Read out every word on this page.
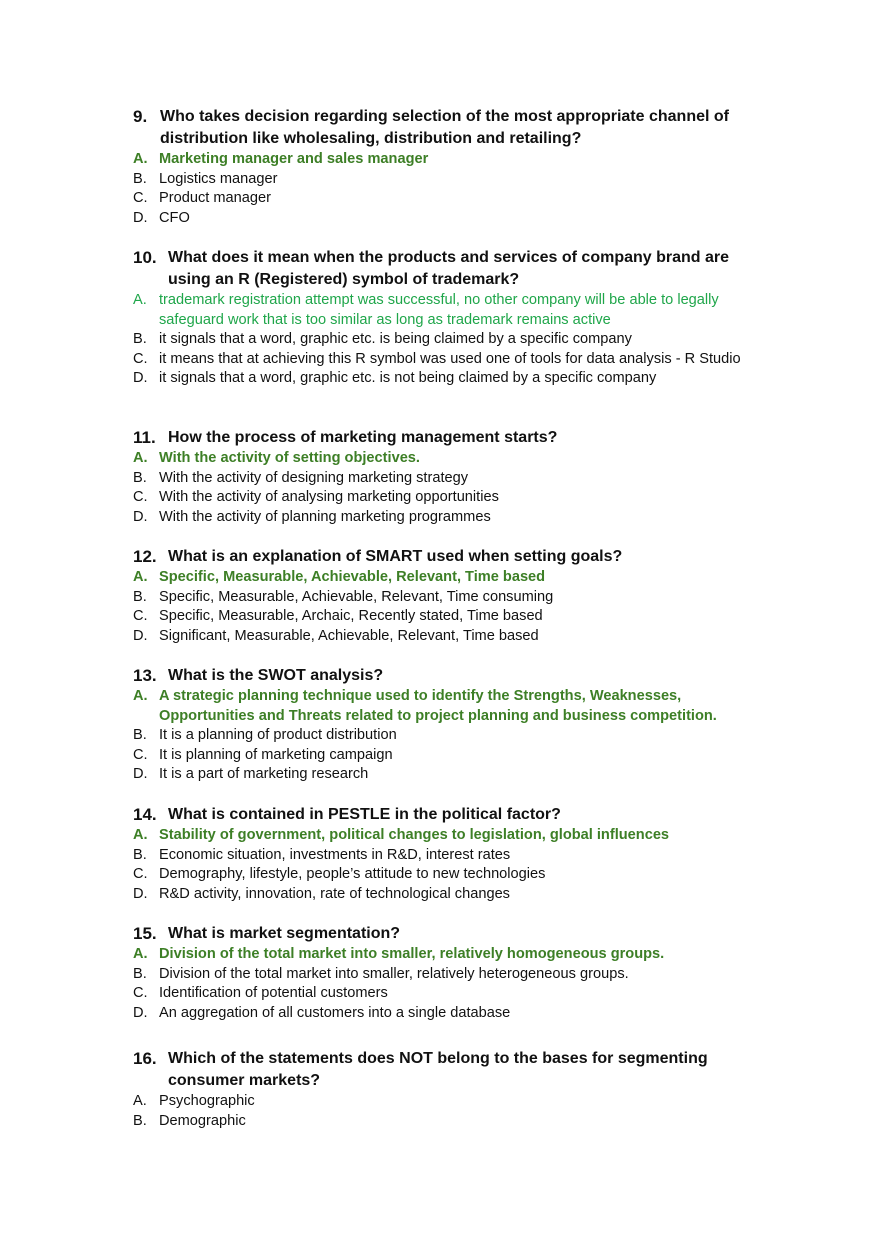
9. Who takes decision regarding selection of the most appropriate channel of distribution like wholesaling, distribution and retailing?
A. Marketing manager and sales manager
B. Logistics manager
C. Product manager
D. CFO
10. What does it mean when the products and services of company brand are using an R (Registered) symbol of trademark?
A. trademark registration attempt was successful, no other company will be able to legally safeguard work that is too similar as long as trademark remains active
B. it signals that a word, graphic etc. is being claimed by a specific company
C. it means that at achieving this R symbol was used one of tools for data analysis - R Studio
D. it signals that a word, graphic etc. is not being claimed by a specific company
11. How the process of marketing management starts?
A. With the activity of setting objectives.
B. With the activity of designing marketing strategy
C. With the activity of analysing marketing opportunities
D. With the activity of planning marketing programmes
12. What is an explanation of SMART used when setting goals?
A. Specific, Measurable, Achievable, Relevant, Time based
B. Specific, Measurable, Achievable, Relevant, Time consuming
C. Specific, Measurable, Archaic, Recently stated, Time based
D. Significant, Measurable, Achievable, Relevant, Time based
13. What is the SWOT analysis?
A. A strategic planning technique used to identify the Strengths, Weaknesses, Opportunities and Threats related to project planning and business competition.
B. It is a planning of product distribution
C. It is planning of marketing campaign
D. It is a part of marketing research
14. What is contained in PESTLE in the political factor?
A. Stability of government, political changes to legislation, global influences
B. Economic situation, investments in R&D, interest rates
C. Demography, lifestyle, people’s attitude to new technologies
D. R&D activity, innovation, rate of technological changes
15. What is market segmentation?
A. Division of the total market into smaller, relatively homogeneous groups.
B. Division of the total market into smaller, relatively heterogeneous groups.
C. Identification of potential customers
D. An aggregation of all customers into a single database
16. Which of the statements does NOT belong to the bases for segmenting consumer markets?
A. Psychographic
B. Demographic
